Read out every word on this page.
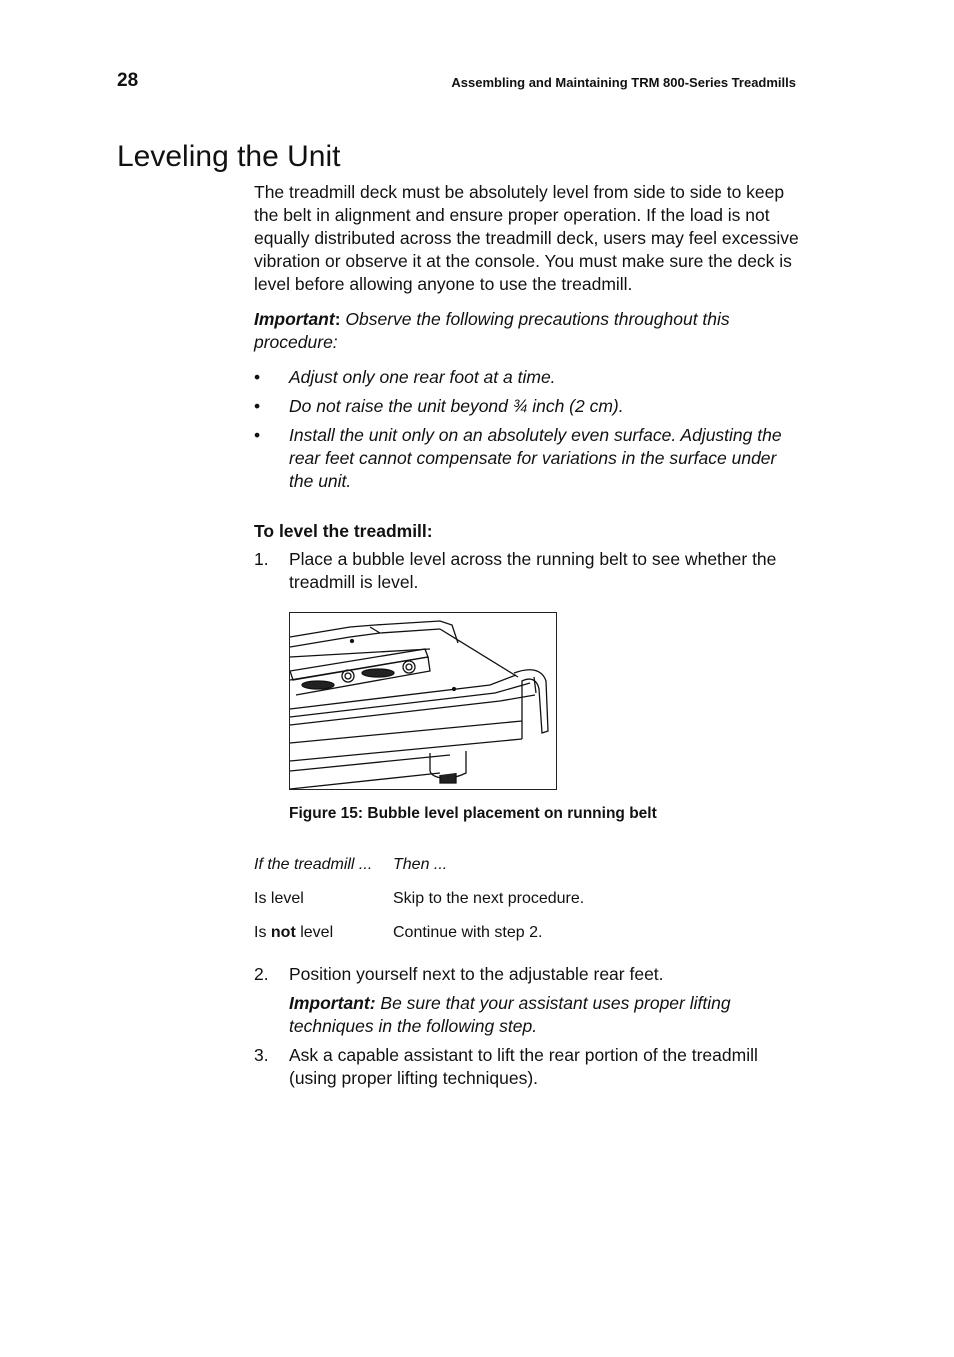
28	Assembling and Maintaining TRM 800-Series Treadmills
Leveling the Unit

The treadmill deck must be absolutely level from side to side to keep the belt in alignment and ensure proper operation. If the load is not equally distributed across the treadmill deck, users may feel excessive vibration or observe it at the console. You must make sure the deck is level before allowing anyone to use the treadmill.

Important: Observe the following precautions throughout this procedure:

• Adjust only one rear foot at a time.
• Do not raise the unit beyond ¾ inch (2 cm).
• Install the unit only on an absolutely even surface. Adjusting the rear feet cannot compensate for variations in the surface under the unit.
To level the treadmill:
1. Place a bubble level across the running belt to see whether the treadmill is level.
Figure 15: Bubble level placement on running belt
If the treadmill ...	Then ...
Is level	Skip to the next procedure.
Is not level	Continue with step 2.
2. Position yourself next to the adjustable rear feet.

Important: Be sure that your assistant uses proper lifting techniques in the following step.

3. Ask a capable assistant to lift the rear portion of the treadmill (using proper lifting techniques).
